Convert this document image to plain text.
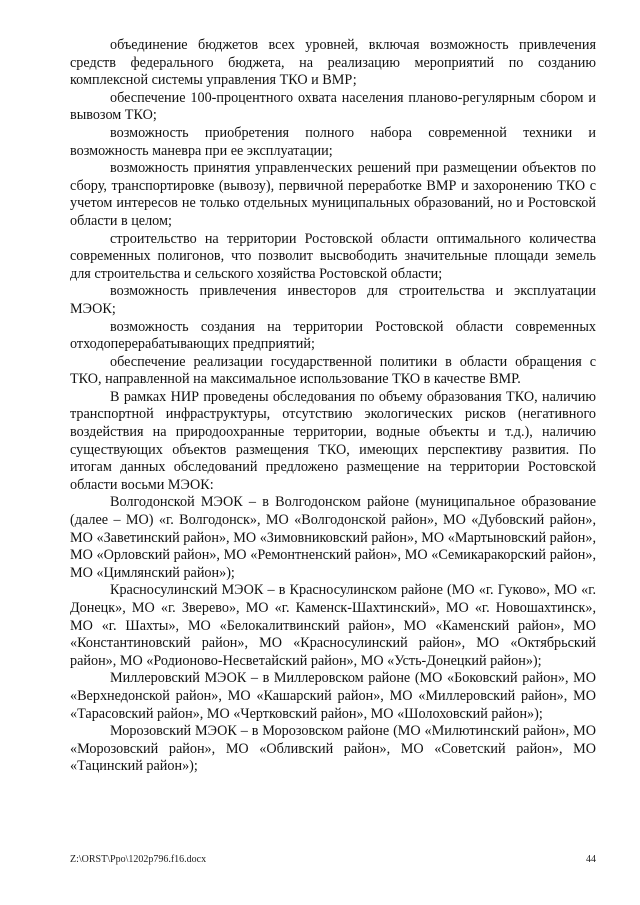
объединение бюджетов всех уровней, включая возможность привлечения средств федерального бюджета, на реализацию мероприятий по созданию комплексной системы управления ТКО и ВМР;

обеспечение 100-процентного охвата населения планово-регулярным сбором и вывозом ТКО;

возможность приобретения полного набора современной техники и возможность маневра при ее эксплуатации;

возможность принятия управленческих решений при размещении объектов по сбору, транспортировке (вывозу), первичной переработке ВМР и захоронению ТКО с учетом интересов не только отдельных муниципальных образований, но и Ростовской области в целом;

строительство на территории Ростовской области оптимального количества современных полигонов, что позволит высвободить значительные площади земель для строительства и сельского хозяйства Ростовской области;

возможность привлечения инвесторов для строительства и эксплуатации МЭОК;

возможность создания на территории Ростовской области современных отходоперерабатывающих предприятий;

обеспечение реализации государственной политики в области обращения с ТКО, направленной на максимальное использование ТКО в качестве ВМР.

В рамках НИР проведены обследования по объему образования ТКО, наличию транспортной инфраструктуры, отсутствию экологических рисков (негативного воздействия на природоохранные территории, водные объекты и т.д.), наличию существующих объектов размещения ТКО, имеющих перспективу развития. По итогам данных обследований предложено размещение на территории Ростовской области восьми МЭОК:

Волгодонской МЭОК – в Волгодонском районе (муниципальное образование (далее – МО) «г. Волгодонск», МО «Волгодонской район», МО «Дубовский район», МО «Заветинский район», МО «Зимовниковский район», МО «Мартыновский район», МО «Орловский район», МО «Ремонтненский район», МО «Семикаракорский район», МО «Цимлянский район»);

Красносулинский МЭОК – в Красносулинском районе (МО «г. Гуково», МО «г. Донецк», МО «г. Зверево», МО «г. Каменск-Шахтинский», МО «г. Новошахтинск», МО «г. Шахты», МО «Белокалитвинский район», МО «Каменский район», МО «Константиновский район», МО «Красносулинский район», МО «Октябрьский район», МО «Родионово-Несветайский район», МО «Усть-Донецкий район»);

Миллеровский МЭОК – в Миллеровском районе (МО «Боковский район», МО «Верхнедонской район», МО «Кашарский район», МО «Миллеровский район», МО «Тарасовский район», МО «Чертковский район», МО «Шолоховский район»);

Морозовский МЭОК – в Морозовском районе (МО «Милютинский район», МО «Морозовский район», МО «Обливский район», МО «Советский район», МО «Тацинский район»);

Z:\ORST\Ppo\1202p796.f16.docx	44
